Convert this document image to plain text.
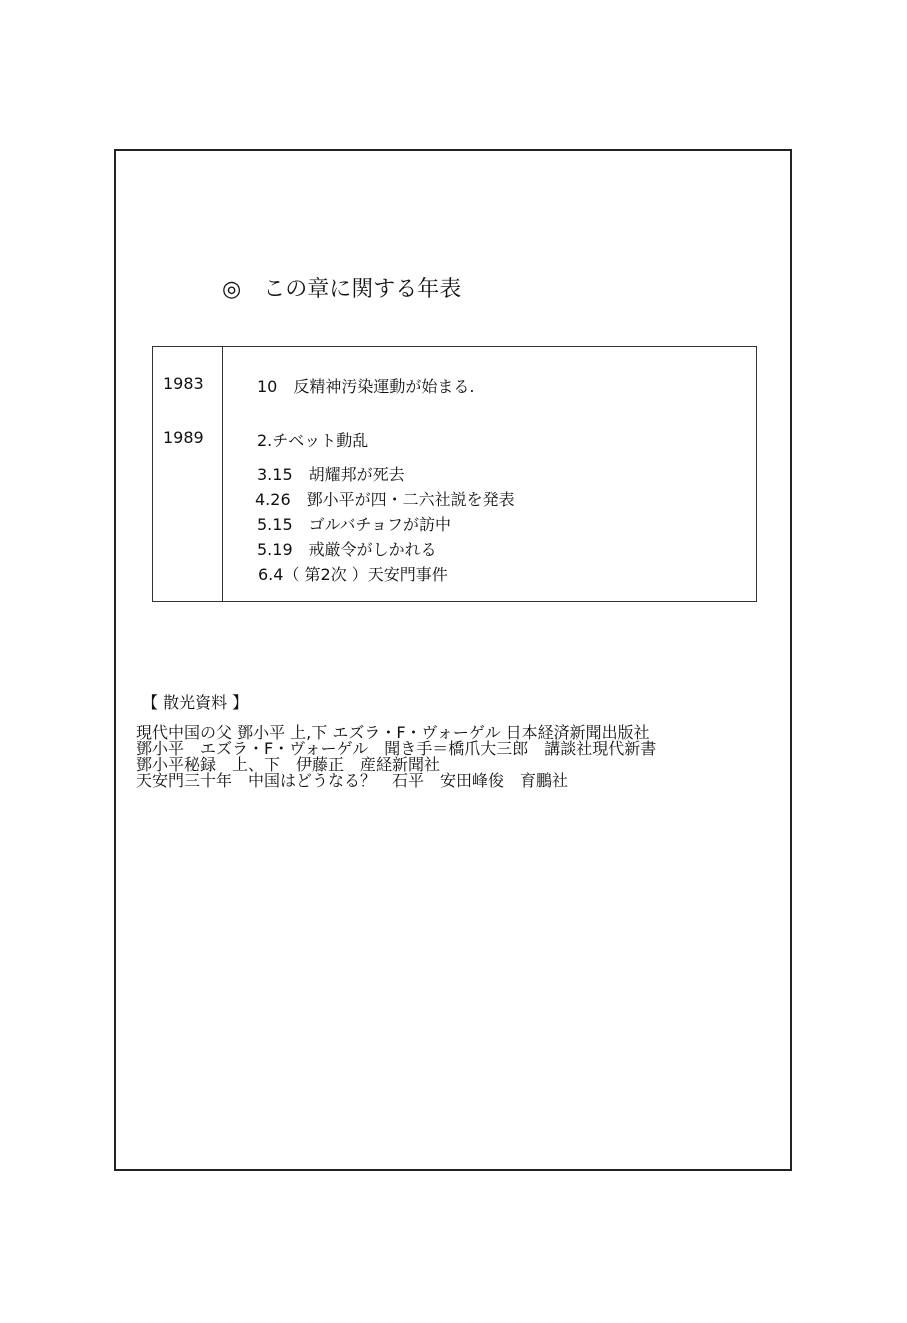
◎ この章に関する年表
1983	10　反精神汚染運動が始まる.
1989	2.チベット動乱
3.15　胡耀邦が死去
4.26　鄧小平が四・二六社説を発表
5.15　ゴルバチョフが訪中
5.19　戒厳令がしかれる
6.4（ 第2次 ）天安門事件
【 散光資料 】
現代中国の父 鄧小平 上,下 エズラ・F・ヴォーゲル 日本経済新聞出版社
鄧小平　エズラ・F・ヴォーゲル　聞き手＝橋爪大三郎　講談社現代新書
鄧小平秘録　上、下　伊藤正　産経新聞社
天安門三十年　中国はどうなる？　石平　安田峰俊　育鵬社
